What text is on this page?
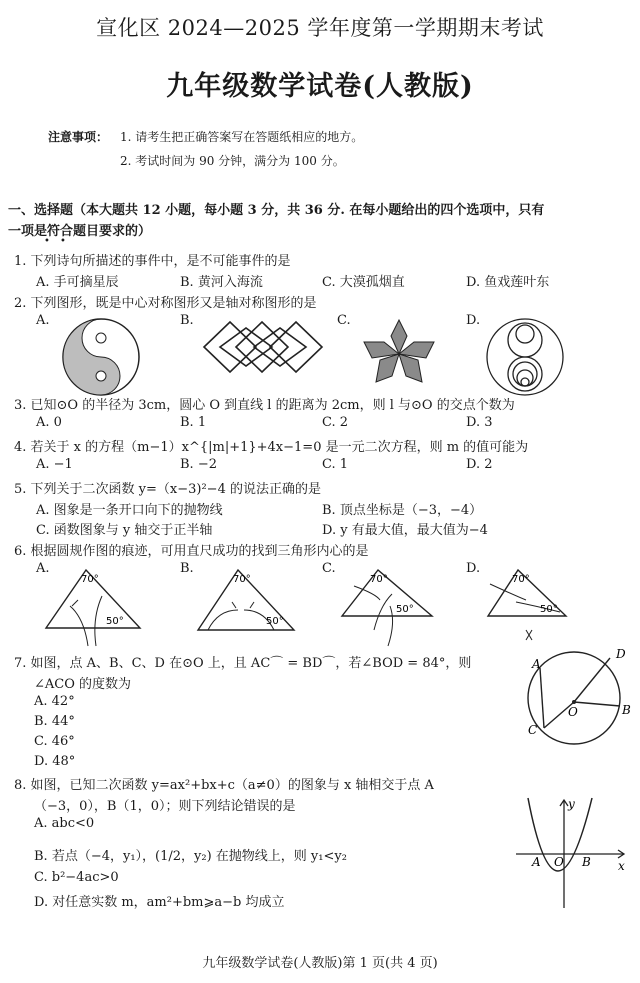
宣化区 2024—2025 学年度第一学期期末考试
九年级数学试卷(人教版)
注意事项： 1. 请考生把正确答案写在答题纸相应的地方。
2. 考试时间为 90 分钟，满分为 100 分。
一、选择题（本大题共 12 小题，每小题 3 分，共 36 分. 在每小题给出的四个选项中，只有
一项是符合题目要求的）
• •
1. 下列诗句所描述的事件中，是不可能事件的是
A. 手可摘星辰	B. 黄河入海流	C. 大漠孤烟直	D. 鱼戏莲叶东
2. 下列图形，既是中心对称图形又是轴对称图形的是
A.	B.	C.	D.
3. 已知⊙O 的半径为 3cm，圆心 O 到直线 l 的距离为 2cm，则 l 与⊙O 的交点个数为
A. 0	B. 1	C. 2	D. 3
4. 若关于 x 的方程（m−1）x^{|m|+1}+4x−1=0 是一元二次方程，则 m 的值可能为
A. −1	B. −2	C. 1	D. 2
5. 下列关于二次函数 y=（x−3)²−4 的说法正确的是
A. 图象是一条开口向下的抛物线	B. 顶点坐标是（−3，−4）
C. 函数图象与 y 轴交于正半轴	D. y 有最大值，最大值为−4
6. 根据圆规作图的痕迹，可用直尺成功的找到三角形内心的是
A.	B.	C.	D.
70°
50°
70°
50°
70°
50°
70°
50°
7. 如图，点 A、B、C、D 在⊙O 上，且 AC⌒ = BD⌒，若∠BOD = 84°，则
∠ACO 的度数为
A. 42°
B. 44°
C. 46°
D. 48°
A
D
B
C
O
8. 如图，已知二次函数 y=ax²+bx+c（a≠0）的图象与 x 轴相交于点 A
（−3，0），B（1，0）；则下列结论错误的是
A. abc<0
B. 若点（−4，y₁），(1/2，y₂) 在抛物线上，则 y₁<y₂
C. b²−4ac>0
D. 对任意实数 m，am²+bm⩾a−b 均成立
y
x
A O B
九年级数学试卷(人教版)第 1 页(共 4 页)
